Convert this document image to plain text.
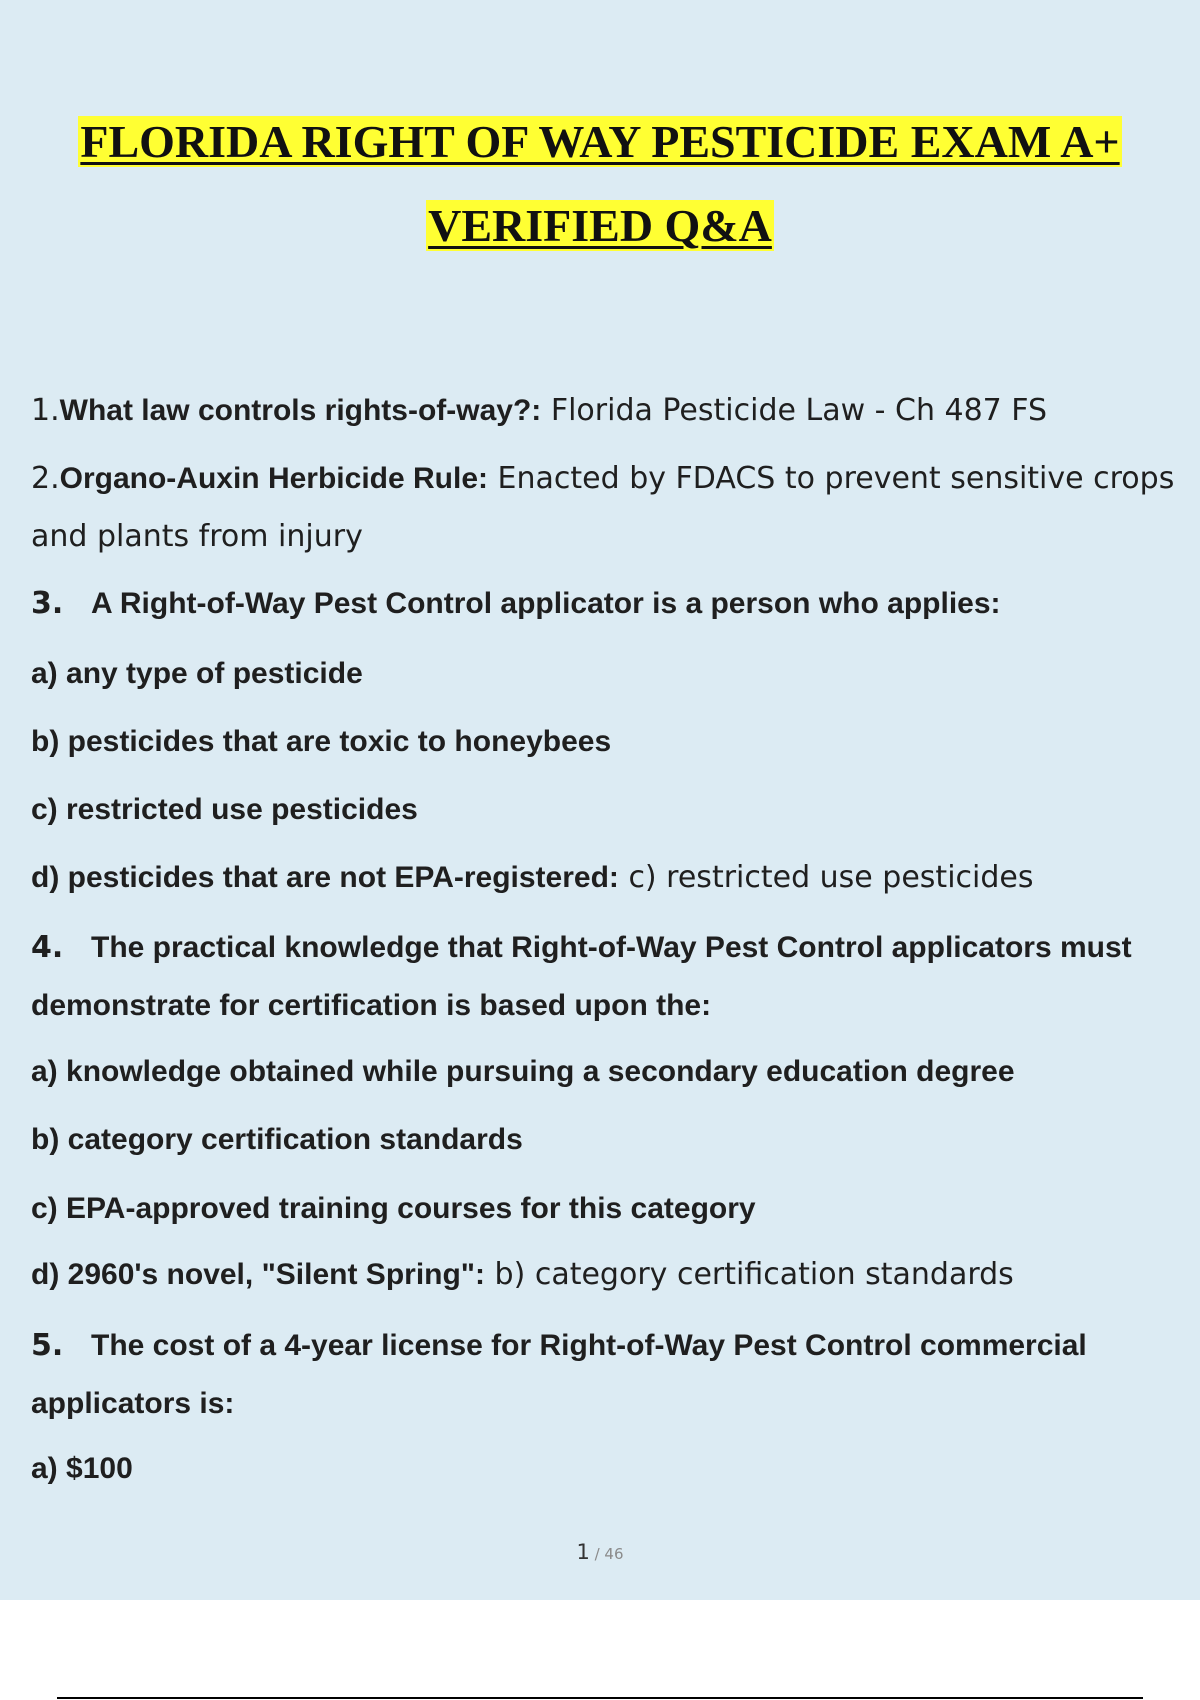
FLORIDA RIGHT OF WAY PESTICIDE EXAM A+
VERIFIED Q&A

1.What law controls rights-of-way?: Florida Pesticide Law - Ch 487 FS

2.Organo-Auxin Herbicide Rule: Enacted by FDACS to prevent sensitive crops and plants from injury

3. A Right-of-Way Pest Control applicator is a person who applies:

a) any type of pesticide

b) pesticides that are toxic to honeybees

c) restricted use pesticides

d) pesticides that are not EPA-registered: c) restricted use pesticides

4. The practical knowledge that Right-of-Way Pest Control applicators must demonstrate for certification is based upon the:

a) knowledge obtained while pursuing a secondary education degree

b) category certification standards

c) EPA-approved training courses for this category

d) 2960's novel, "Silent Spring": b) category certification standards

5. The cost of a 4-year license for Right-of-Way Pest Control commercial applicators is:

a) $100

1 / 46
